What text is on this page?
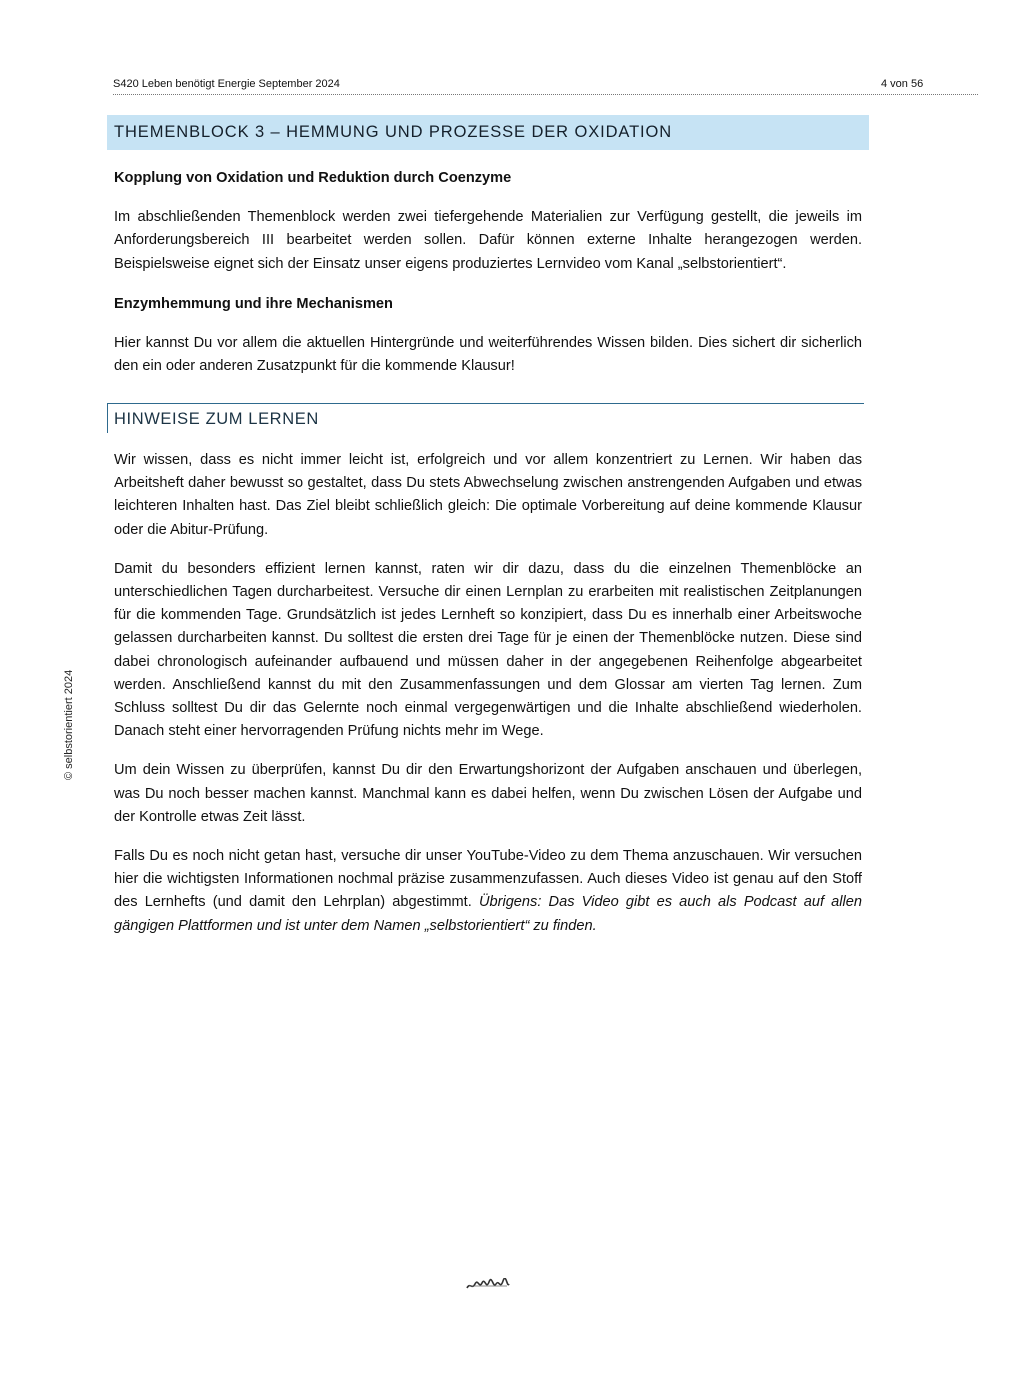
S420 Leben benötigt Energie September 2024	4 von 56
THEMENBLOCK 3 – HEMMUNG UND PROZESSE DER OXIDATION
Kopplung von Oxidation und Reduktion durch Coenzyme

Im abschließenden Themenblock werden zwei tiefergehende Materialien zur Verfügung gestellt, die jeweils im Anforderungsbereich III bearbeitet werden sollen. Dafür können externe Inhalte herangezogen werden. Beispielsweise eignet sich der Einsatz unser eigens produziertes Lernvideo vom Kanal „selbstorientiert“.

Enzymhemmung und ihre Mechanismen

Hier kannst Du vor allem die aktuellen Hintergründe und weiterführendes Wissen bilden. Dies sichert dir sicherlich den ein oder anderen Zusatzpunkt für die kommende Klausur!

HINWEISE ZUM LERNEN

Wir wissen, dass es nicht immer leicht ist, erfolgreich und vor allem konzentriert zu Lernen. Wir haben das Arbeitsheft daher bewusst so gestaltet, dass Du stets Abwechselung zwischen anstrengenden Aufgaben und etwas leichteren Inhalten hast. Das Ziel bleibt schließlich gleich: Die optimale Vorbereitung auf deine kommende Klausur oder die Abitur-Prüfung.

Damit du besonders effizient lernen kannst, raten wir dir dazu, dass du die einzelnen Themenblöcke an unterschiedlichen Tagen durcharbeitest. Versuche dir einen Lernplan zu erarbeiten mit realistischen Zeitplanungen für die kommenden Tage. Grundsätzlich ist jedes Lernheft so konzipiert, dass Du es innerhalb einer Arbeitswoche gelassen durcharbeiten kannst. Du solltest die ersten drei Tage für je einen der Themenblöcke nutzen. Diese sind dabei chronologisch aufeinander aufbauend und müssen daher in der angegebenen Reihenfolge abgearbeitet werden. Anschließend kannst du mit den Zusammenfassungen und dem Glossar am vierten Tag lernen. Zum Schluss solltest Du dir das Gelernte noch einmal vergegenwärtigen und die Inhalte abschließend wiederholen. Danach steht einer hervorragenden Prüfung nichts mehr im Wege.

Um dein Wissen zu überprüfen, kannst Du dir den Erwartungshorizont der Aufgaben anschauen und überlegen, was Du noch besser machen kannst. Manchmal kann es dabei helfen, wenn Du zwischen Lösen der Aufgabe und der Kontrolle etwas Zeit lässt.

Falls Du es noch nicht getan hast, versuche dir unser YouTube-Video zu dem Thema anzuschauen. Wir versuchen hier die wichtigsten Informationen nochmal präzise zusammenzufassen. Auch dieses Video ist genau auf den Stoff des Lernhefts (und damit den Lehrplan) abgestimmt. Übrigens: Das Video gibt es auch als Podcast auf allen gängigen Plattformen und ist unter dem Namen „selbstorientiert“ zu finden.

© selbstorientiert 2024
